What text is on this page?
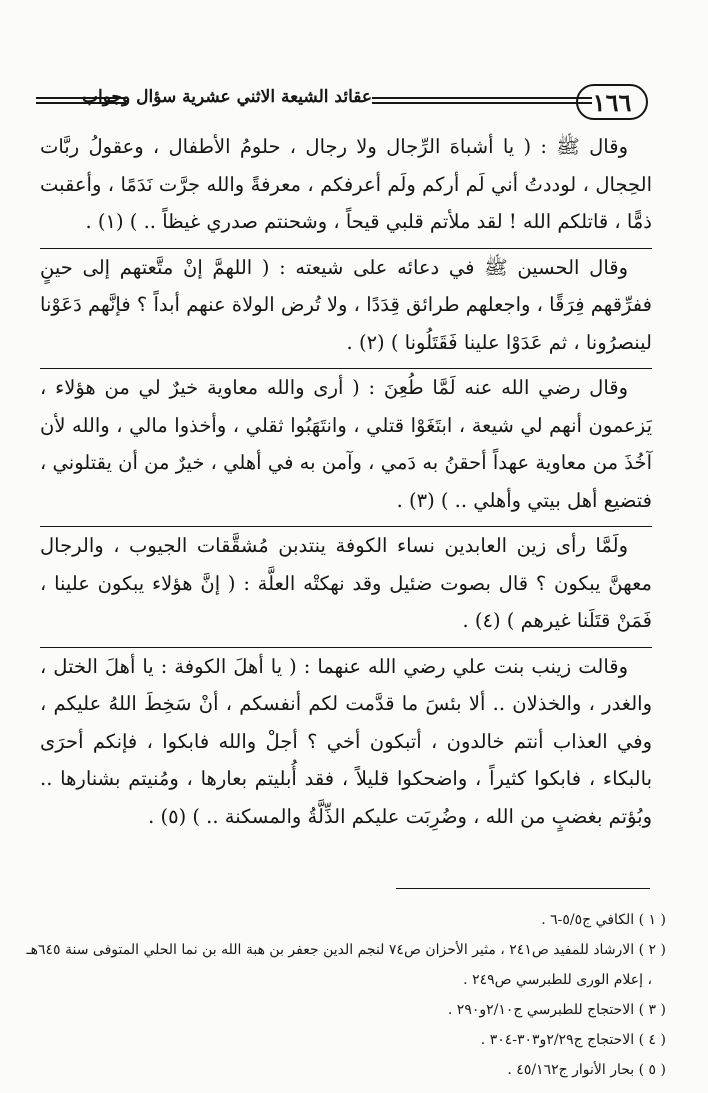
عقائد الشيعة الاثني عشرية سؤال وجواب	١٦٦

وقال ﷺ : ( يا أشباهَ الرِّجال ولا رجال ، حلومُ الأطفال ، وعقولُ ربَّات الحِجال ، لوددتُ أني لَم أركم ولَم أعرفكم ، معرفةً والله جرَّت نَدَمًا ، وأعقبت ذمًّا ، قاتلكم الله ! لقد ملأتم قلبي قيحاً ، وشحنتم صدري غيظاً .. ) (١) .

وقال الحسين ﷺ في دعائه على شيعته : ( اللهمَّ إنْ متَّعتهم إلى حينٍ ففرِّقهم فِرَقًا ، واجعلهم طرائق قِدَدًا ، ولا تُرض الولاة عنهم أبداً ؟ فإنَّهم دَعَوْنا لينصرُونا ، ثم عَدَوْا علينا فَقَتَلُونا ) (٢) .

وقال رضي الله عنه لَمَّا طُعِنَ : ( أرى والله معاوية خيرٌ لي من هؤلاء ، يَزعمون أنهم لي شيعة ، ابتَغَوْا قتلي ، وانتَهَبُوا ثقلي ، وأخذوا مالي ، والله لأن آخُذَ من معاوية عهداً أحقنُ به دَمي ، وآمن به في أهلي ، خيرٌ من أن يقتلوني ، فتضيع أهل بيتي وأهلي .. ) (٣) .

ولَمَّا رأى زين العابدين نساء الكوفة ينتدبن مُشقَّقات الجيوب ، والرجال معهنَّ يبكون ؟ قال بصوت ضئيل وقد نهكتْه العلَّة : ( إنَّ هؤلاء يبكون علينا ، فَمَنْ قتَلَنا غيرهم ) (٤) .

وقالت زينب بنت علي رضي الله عنهما : ( يا أهلَ الكوفة : يا أهلَ الختل ، والغدر ، والخذلان .. ألا بئسَ ما قدَّمت لكم أنفسكم ، أنْ سَخِطَ اللهُ عليكم ، وفي العذاب أنتم خالدون ، أتبكون أخي ؟ أجلْ والله فابكوا ، فإنكم أحرَى بالبكاء ، فابكوا كثيراً ، واضحكوا قليلاً ، فقد أُبليتم بعارها ، ومُنيتم بشنارها .. وبُؤتم بغضبٍ من الله ، وضُرِبَت عليكم الذِّلَّةُ والمسكنة .. ) (٥) .

( ١ ) الكافي ج٥/٥-٦ .
( ٢ ) الارشاد للمفيد ص٢٤١ ، مثير الأحزان ص٧٤ لنجم الدين جعفر بن هبة الله بن نما الحلي المتوفى سنة ٦٤٥هـ
، إعلام الورى للطبرسي ص٢٤٩ .
( ٣ ) الاحتجاج للطبرسي ج٢/١٠و٢٩٠ .
( ٤ ) الاحتجاج ج٢/٢٩و٣٠٣-٣٠٤ .
( ٥ ) بحار الأنوار ج٤٥/١٦٢ .
